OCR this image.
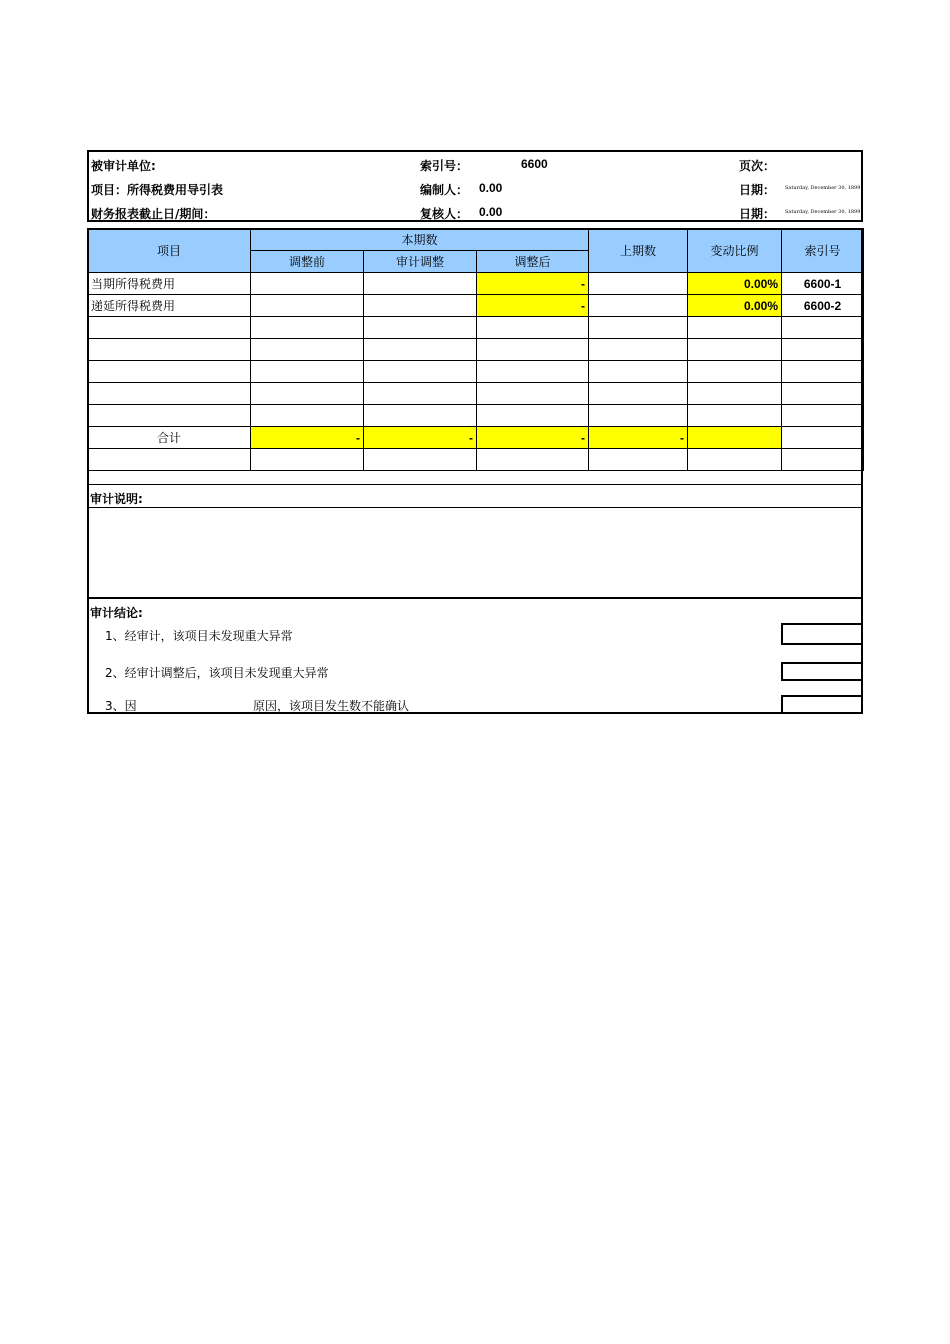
被审计单位:	索引号：	6600	页次：
项目：所得税费用导引表	编制人： 0.00	日期： Saturday, December 30, 1899
财务报表截止日/期间：	复核人： 0.00	日期： Saturday, December 30, 1899
项目	本期数			上期数	变动比例	索引号
	调整前	审计调整	调整后			
当期所得税费用			-		0.00%	6600-1
递延所得税费用			-		0.00%	6600-2

合计	-	-	-	-		

审计说明:
审计结论:
1、经审计，该项目未发现重大异常
2、经审计调整后，该项目未发现重大异常
3、因	原因，该项目发生数不能确认
